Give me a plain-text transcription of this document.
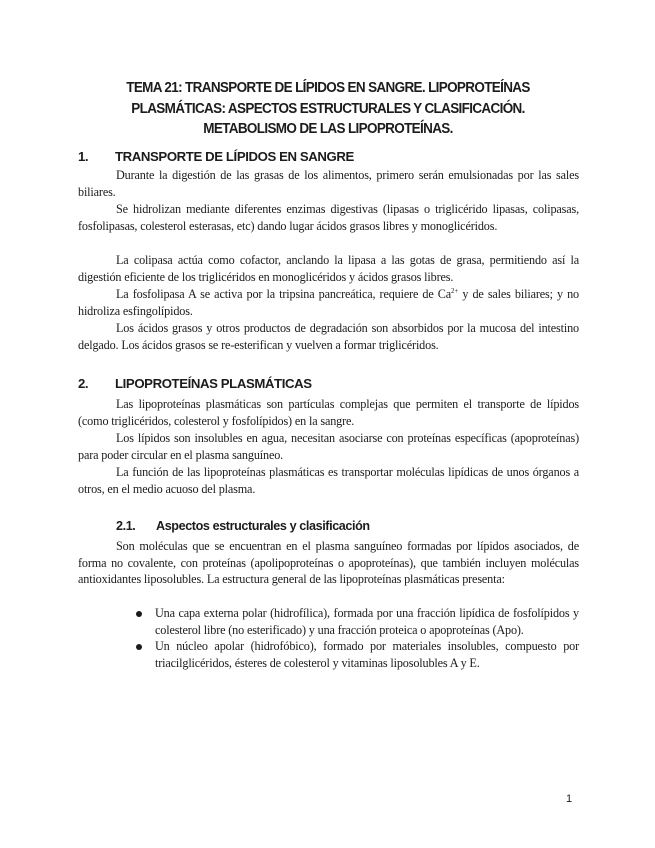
TEMA 21: TRANSPORTE DE LÍPIDOS EN SANGRE. LIPOPROTEÍNAS PLASMÁTICAS: ASPECTOS ESTRUCTURALES Y CLASIFICACIÓN. METABOLISMO DE LAS LIPOPROTEÍNAS.
1. TRANSPORTE DE LÍPIDOS EN SANGRE

Durante la digestión de las grasas de los alimentos, primero serán emulsionadas por las sales biliares.

Se hidrolizan mediante diferentes enzimas digestivas (lipasas o triglicérido lipasas, colipasas, fosfolipasas, colesterol esterasas, etc) dando lugar ácidos grasos libres y monoglicéridos.

La colipasa actúa como cofactor, anclando la lipasa a las gotas de grasa, permitiendo así la digestión eficiente de los triglicéridos en monoglicéridos y ácidos grasos libres.

La fosfolipasa A se activa por la tripsina pancreática, requiere de $Ca^{2+}$ y de sales biliares; y no hidroliza esfingolípidos.

Los ácidos grasos y otros productos de degradación son absorbidos por la mucosa del intestino delgado. Los ácidos grasos se re-esterifican y vuelven a formar triglicéridos.

2. LIPOPROTEÍNAS PLASMÁTICAS

Las lipoproteínas plasmáticas son partículas complejas que permiten el transporte de lípidos (como triglicéridos, colesterol y fosfolípidos) en la sangre.

Los lípidos son insolubles en agua, necesitan asociarse con proteínas específicas (apoproteínas) para poder circular en el plasma sanguíneo.

La función de las lipoproteínas plasmáticas es transportar moléculas lipídicas de unos órganos a otros, en el medio acuoso del plasma.

2.1. Aspectos estructurales y clasificación

Son moléculas que se encuentran en el plasma sanguíneo formadas por lípidos asociados, de forma no covalente, con proteínas (apolipoproteínas o apoproteínas), que también incluyen moléculas antioxidantes liposolubles. La estructura general de las lipoproteínas plasmáticas presenta:

Una capa externa polar (hidrofílica), formada por una fracción lipídica de fosfolípidos y colesterol libre (no esterificado) y una fracción proteica o apoproteínas (Apo).
Un núcleo apolar (hidrofóbico), formado por materiales insolubles, compuesto por triacilglicéridos, ésteres de colesterol y vitaminas liposolubles A y E.
1
